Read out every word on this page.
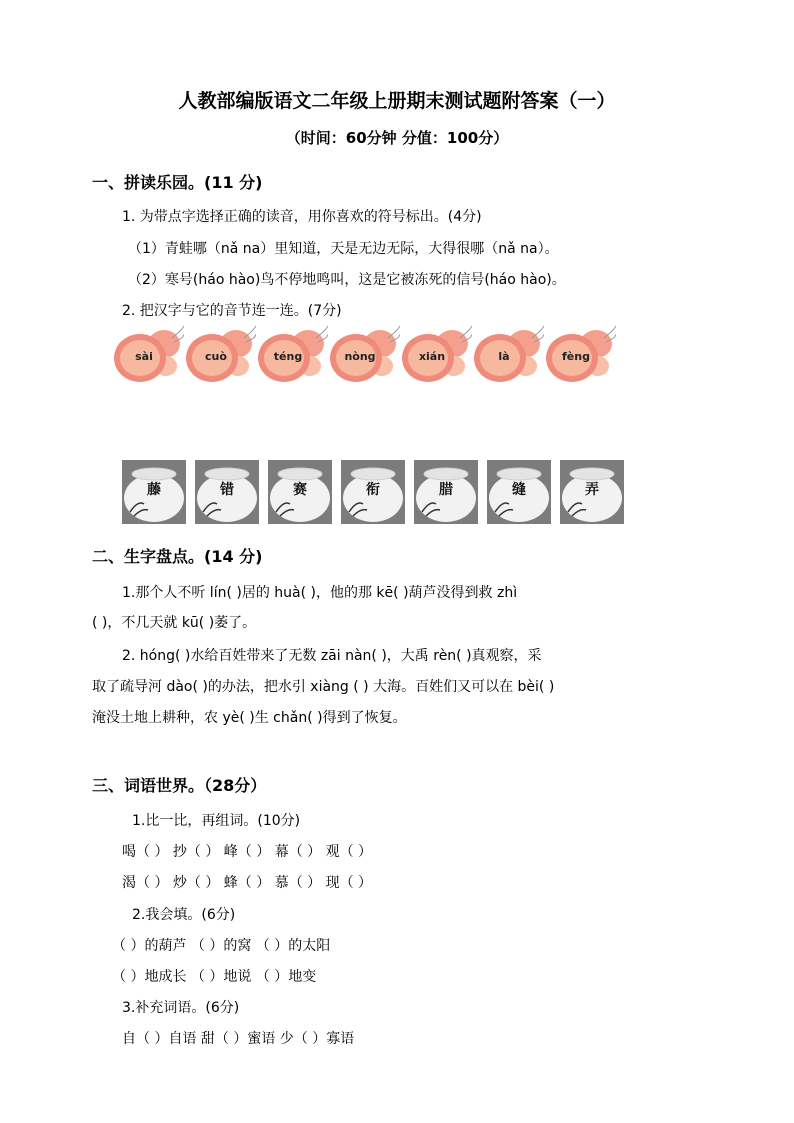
人教部编版语文二年级上册期末测试题附答案（一）
（时间：60分钟 分值：100分）
一、拼读乐园。(11 分)
1. 为带点字选择正确的读音，用你喜欢的符号标出。(4分)
（1）青蛙哪（nǎ na）里知道，天是无边无际，大得很哪（nǎ na）。
（2）寒号(háo hào)鸟不停地鸣叫，这是它被冻死的信号(háo hào)。
2. 把汉字与它的音节连一连。(7分)
sài	cuò	téng	nòng	xián	là	fèng
藤	错	赛	衔	腊	缝	弄
二、生字盘点。(14 分)
1.那个人不听 lín( )居的 huà( )，他的那 kē( )葫芦没得到救 zhì
( )，不几天就 kū( )萎了。
2. hóng( )水给百姓带来了无数 zāi nàn( )，大禹 rèn( )真观察，采
取了疏导河 dào( )的办法，把水引 xiàng ( ) 大海。百姓们又可以在 bèi( )
淹没土地上耕种，农 yè( )生 chǎn( )得到了恢复。
三、词语世界。（28分）
1.比一比，再组词。(10分)
喝（ ） 抄（ ） 峰（ ） 幕（ ） 观（ ）
渴（ ） 炒（ ） 蜂（ ） 慕（ ） 现（ ）
2.我会填。(6分)
（ ）的葫芦 （ ）的窝 （ ）的太阳
（ ）地成长 （ ）地说 （ ）地变
3.补充词语。(6分)
自（ ）自语 甜（ ）蜜语 少（ ）寡语
